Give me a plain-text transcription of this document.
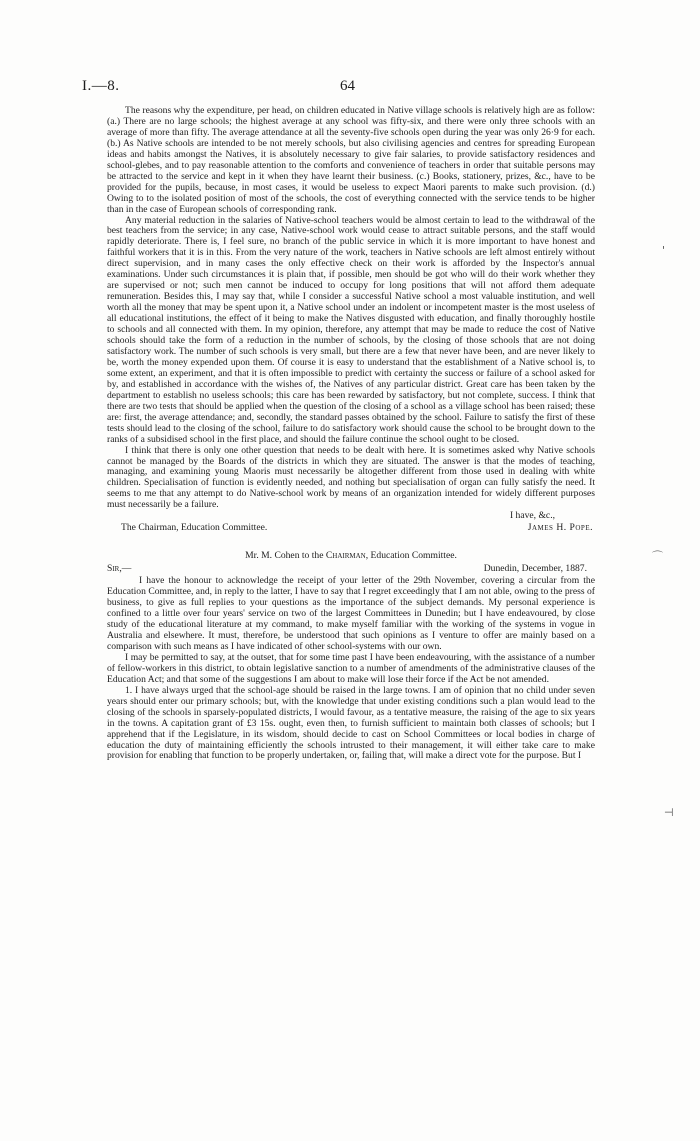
I.—8.	64

The reasons why the expenditure, per head, on children educated in Native village schools is relatively high are as follow: (a.) There are no large schools; the highest average at any school was fifty-six, and there were only three schools with an average of more than fifty. The average attendance at all the seventy-five schools open during the year was only 26·9 for each. (b.) As Native schools are intended to be not merely schools, but also civilising agencies and centres for spreading European ideas and habits amongst the Natives, it is absolutely necessary to give fair salaries, to provide satisfactory residences and school-glebes, and to pay reasonable attention to the comforts and convenience of teachers in order that suitable persons may be attracted to the service and kept in it when they have learnt their business. (c.) Books, stationery, prizes, &c., have to be provided for the pupils, because, in most cases, it would be useless to expect Maori parents to make such provision. (d.) Owing to to the isolated position of most of the schools, the cost of everything connected with the service tends to be higher than in the case of European schools of corresponding rank.

Any material reduction in the salaries of Native-school teachers would be almost certain to lead to the withdrawal of the best teachers from the service; in any case, Native-school work would cease to attract suitable persons, and the staff would rapidly deteriorate. There is, I feel sure, no branch of the public service in which it is more important to have honest and faithful workers that it is in this. From the very nature of the work, teachers in Native schools are left almost entirely without direct supervision, and in many cases the only effective check on their work is afforded by the Inspector's annual examinations. Under such circumstances it is plain that, if possible, men should be got who will do their work whether they are supervised or not; such men cannot be induced to occupy for long positions that will not afford them adequate remuneration. Besides this, I may say that, while I consider a successful Native school a most valuable institution, and well worth all the money that may be spent upon it, a Native school under an indolent or incompetent master is the most useless of all educational institutions, the effect of it being to make the Natives disgusted with education, and finally thoroughly hostile to schools and all connected with them. In my opinion, therefore, any attempt that may be made to reduce the cost of Native schools should take the form of a reduction in the number of schools, by the closing of those schools that are not doing satisfactory work. The number of such schools is very small, but there are a few that never have been, and are never likely to be, worth the money expended upon them. Of course it is easy to understand that the establishment of a Native school is, to some extent, an experiment, and that it is often impossible to predict with certainty the success or failure of a school asked for by, and established in accordance with the wishes of, the Natives of any particular district. Great care has been taken by the department to establish no useless schools; this care has been rewarded by satisfactory, but not complete, success. I think that there are two tests that should be applied when the question of the closing of a school as a village school has been raised; these are: first, the average attendance; and, secondly, the standard passes obtained by the school. Failure to satisfy the first of these tests should lead to the closing of the school, failure to do satisfactory work should cause the school to be brought down to the ranks of a subsidised school in the first place, and should the failure continue the school ought to be closed.

I think that there is only one other question that needs to be dealt with here. It is sometimes asked why Native schools cannot be managed by the Boards of the districts in which they are situated. The answer is that the modes of teaching, managing, and examining young Maoris must necessarily be altogether different from those used in dealing with white children. Specialisation of function is evidently needed, and nothing but specialisation of organ can fully satisfy the need. It seems to me that any attempt to do Native-school work by means of an organization intended for widely different purposes must necessarily be a failure.

I have, &c.,
The Chairman, Education Committee.	James H. Pope.
Mr. M. Cohen to the Chairman, Education Committee.
Sir,—	Dunedin, December, 1887.

I have the honour to acknowledge the receipt of your letter of the 29th November, covering a circular from the Education Committee, and, in reply to the latter, I have to say that I regret exceedingly that I am not able, owing to the press of business, to give as full replies to your questions as the importance of the subject demands. My personal experience is confined to a little over four years' service on two of the largest Committees in Dunedin; but I have endeavoured, by close study of the educational literature at my command, to make myself familiar with the working of the systems in vogue in Australia and elsewhere. It must, therefore, be understood that such opinions as I venture to offer are mainly based on a comparison with such means as I have indicated of other school-systems with our own.

I may be permitted to say, at the outset, that for some time past I have been endeavouring, with the assistance of a number of fellow-workers in this district, to obtain legislative sanction to a number of amendments of the administrative clauses of the Education Act; and that some of the suggestions I am about to make will lose their force if the Act be not amended.

1. I have always urged that the school-age should be raised in the large towns. I am of opinion that no child under seven years should enter our primary schools; but, with the knowledge that under existing conditions such a plan would lead to the closing of the schools in sparsely-populated districts, I would favour, as a tentative measure, the raising of the age to six years in the towns. A capitation grant of £3 15s. ought, even then, to furnish sufficient to maintain both classes of schools; but I apprehend that if the Legislature, in its wisdom, should decide to cast on School Committees or local bodies in charge of education the duty of maintaining efficiently the schools intrusted to their management, it will either take care to make provision for enabling that function to be properly undertaken, or, failing that, will make a direct vote for the purpose. But I

⌒
'
⊣
